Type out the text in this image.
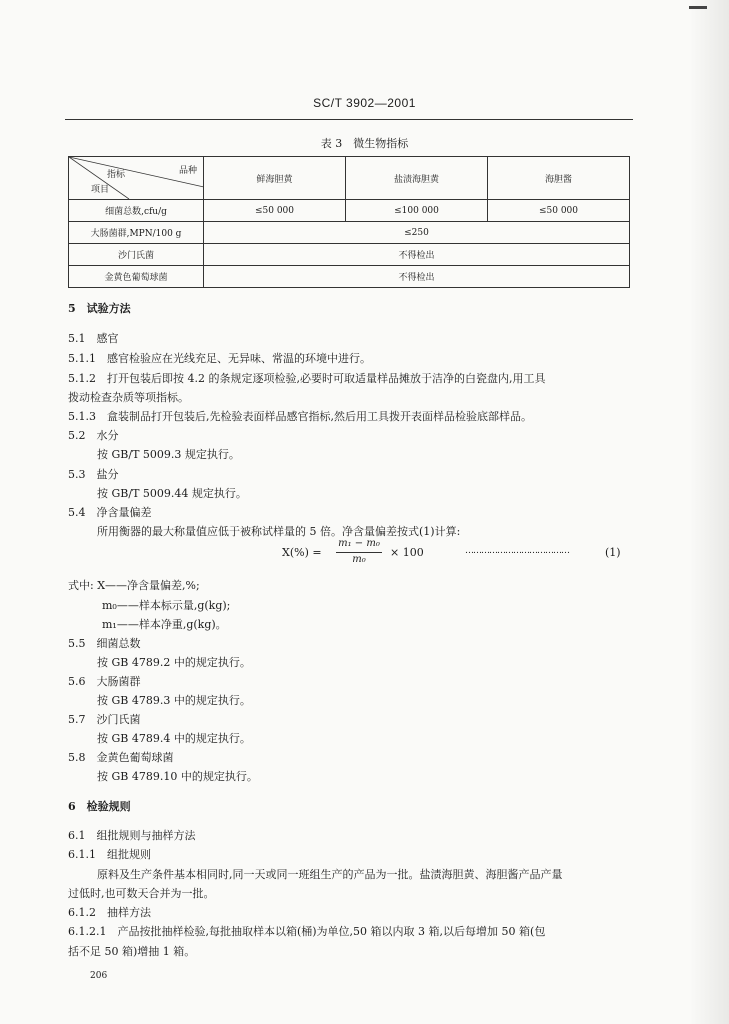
SC/T 3902—2001
表 3　微生物指标
品种
指标
项目	鲜海胆黄	盐渍海胆黄	海胆酱
细菌总数,cfu/g	≤50 000	≤100 000	≤50 000
大肠菌群,MPN/100 g	≤250		
沙门氏菌	不得检出		
金黄色葡萄球菌	不得检出		
5　试验方法
5.1　感官
5.1.1　感官检验应在光线充足、无异味、常温的环境中进行。
5.1.2　打开包装后即按 4.2 的条规定逐项检验,必要时可取适量样品摊放于洁净的白瓷盘内,用工具
拨动检查杂质等项指标。
5.1.3　盒装制品打开包装后,先检验表面样品感官指标,然后用工具拨开表面样品检验底部样品。
5.2　水分
按 GB/T 5009.3 规定执行。
5.3　盐分
按 GB/T 5009.44 规定执行。
5.4　净含量偏差
所用衡器的最大称量值应低于被称试样量的 5 倍。净含量偏差按式(1)计算:
式中: X——净含量偏差,%;
m₀——样本标示量,g(kg);
m₁——样本净重,g(kg)。
5.5　细菌总数
按 GB 4789.2 中的规定执行。
5.6　大肠菌群
按 GB 4789.3 中的规定执行。
5.7　沙门氏菌
按 GB 4789.4 中的规定执行。
5.8　金黄色葡萄球菌
按 GB 4789.10 中的规定执行。
6　检验规则
6.1　组批规则与抽样方法
6.1.1　组批规则
原料及生产条件基本相同时,同一天或同一班组生产的产品为一批。盐渍海胆黄、海胆酱产品产量
过低时,也可数天合并为一批。
6.1.2　抽样方法
6.1.2.1　产品按批抽样检验,每批抽取样本以箱(桶)为单位,50 箱以内取 3 箱,以后每增加 50 箱(包
括不足 50 箱)增抽 1 箱。
X(%) =
m₁ − m₀
m₀
× 100	…………………………………	(1)
206
